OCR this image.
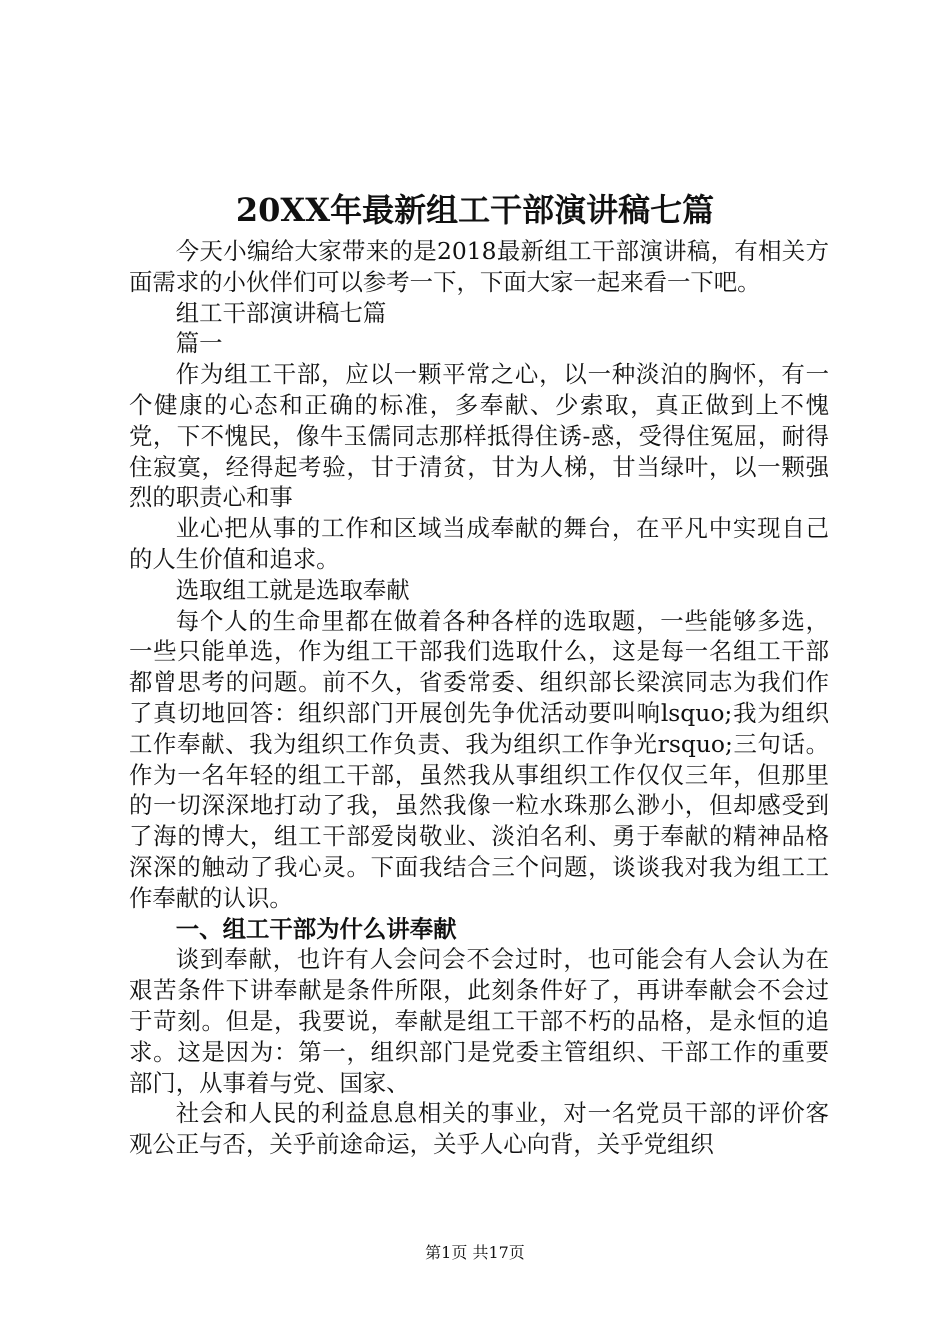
20XX年最新组工干部演讲稿七篇

今天小编给大家带来的是2018最新组工干部演讲稿，有相关方面需求的小伙伴们可以参考一下，下面大家一起来看一下吧。

组工干部演讲稿七篇

篇一

作为组工干部，应以一颗平常之心，以一种淡泊的胸怀，有一个健康的心态和正确的标准，多奉献、少索取，真正做到上不愧党，下不愧民，像牛玉儒同志那样抵得住诱-惑，受得住冤屈，耐得住寂寞，经得起考验，甘于清贫，甘为人梯，甘当绿叶，以一颗强烈的职责心和事

业心把从事的工作和区域当成奉献的舞台，在平凡中实现自己的人生价值和追求。

选取组工就是选取奉献

每个人的生命里都在做着各种各样的选取题，一些能够多选，一些只能单选，作为组工干部我们选取什么，这是每一名组工干部都曾思考的问题。前不久，省委常委、组织部长梁滨同志为我们作了真切地回答：组织部门开展创先争优活动要叫响lsquo;我为组织工作奉献、我为组织工作负责、我为组织工作争光rsquo;三句话。作为一名年轻的组工干部，虽然我从事组织工作仅仅三年，但那里的一切深深地打动了我，虽然我像一粒水珠那么渺小，但却感受到了海的博大，组工干部爱岗敬业、淡泊名利、勇于奉献的精神品格深深的触动了我心灵。下面我结合三个问题，谈谈我对我为组工工作奉献的认识。

一、组工干部为什么讲奉献

谈到奉献，也许有人会问会不会过时，也可能会有人会认为在艰苦条件下讲奉献是条件所限，此刻条件好了，再讲奉献会不会过于苛刻。但是，我要说，奉献是组工干部不朽的品格，是永恒的追求。这是因为：第一，组织部门是党委主管组织、干部工作的重要部门，从事着与党、国家、

社会和人民的利益息息相关的事业，对一名党员干部的评价客观公正与否，关乎前途命运，关乎人心向背，关乎党组织

第1页 共17页
